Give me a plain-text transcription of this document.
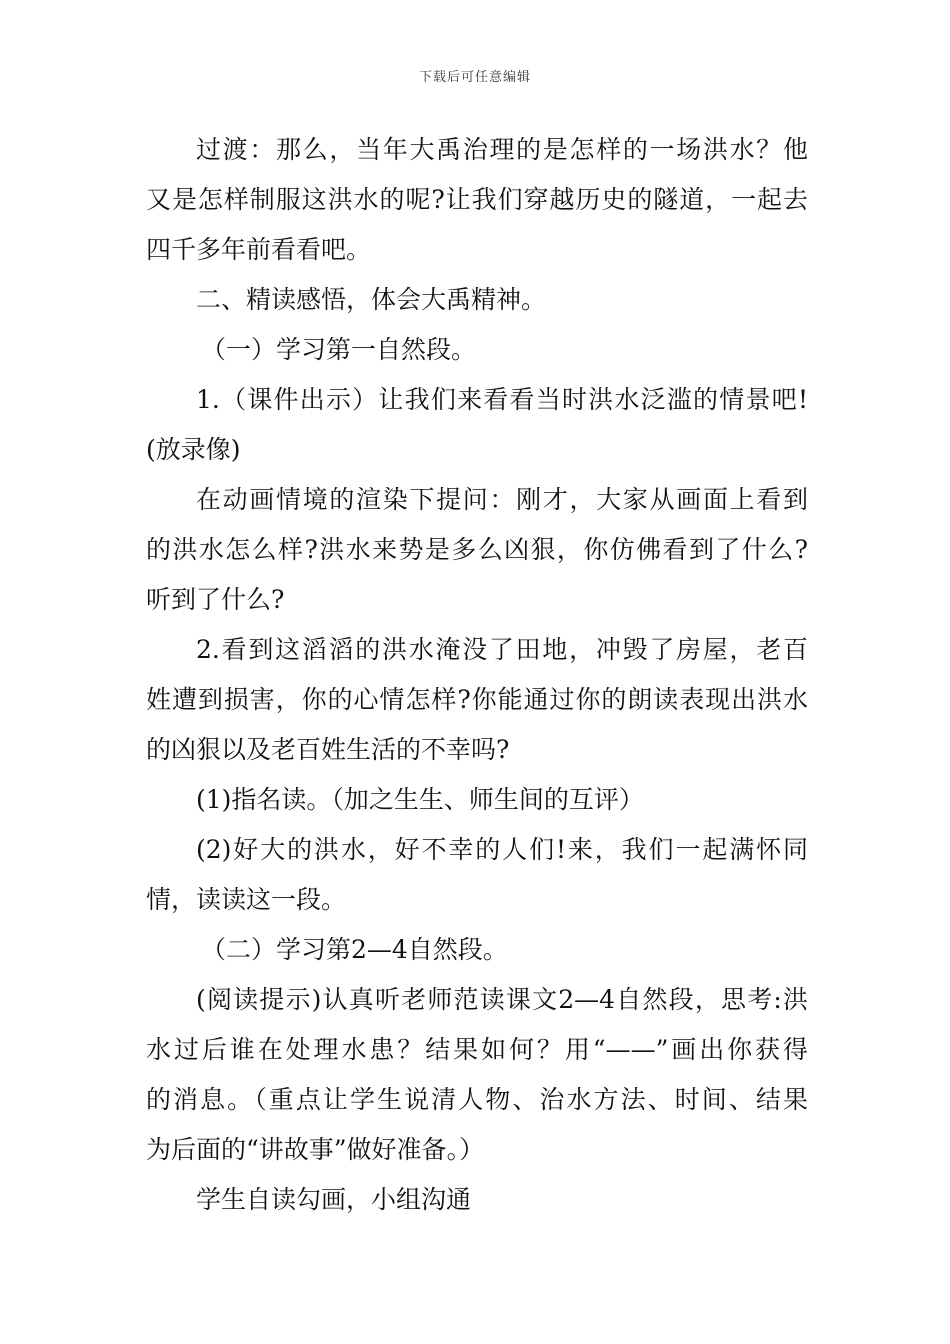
下载后可任意编辑
过渡：那么，当年大禹治理的是怎样的一场洪水？他
又是怎样制服这洪水的呢?让我们穿越历史的隧道，一起去
四千多年前看看吧。
二、精读感悟，体会大禹精神。
（一）学习第一自然段。
1.（课件出示）让我们来看看当时洪水泛滥的情景吧!
(放录像)
在动画情境的渲染下提问：刚才，大家从画面上看到
的洪水怎么样?洪水来势是多么凶狠，你仿佛看到了什么?
听到了什么?
2.看到这滔滔的洪水淹没了田地，冲毁了房屋，老百
姓遭到损害，你的心情怎样?你能通过你的朗读表现出洪水
的凶狠以及老百姓生活的不幸吗?
(1)指名读。（加之生生、师生间的互评）
(2)好大的洪水，好不幸的人们!来，我们一起满怀同
情，读读这一段。
（二）学习第2—4自然段。
(阅读提示)认真听老师范读课文2—4自然段，思考:洪
水过后谁在处理水患？结果如何？用“——”画出你获得
的消息。（重点让学生说清人物、治水方法、时间、结果
为后面的“讲故事”做好准备。）
学生自读勾画，小组沟通
